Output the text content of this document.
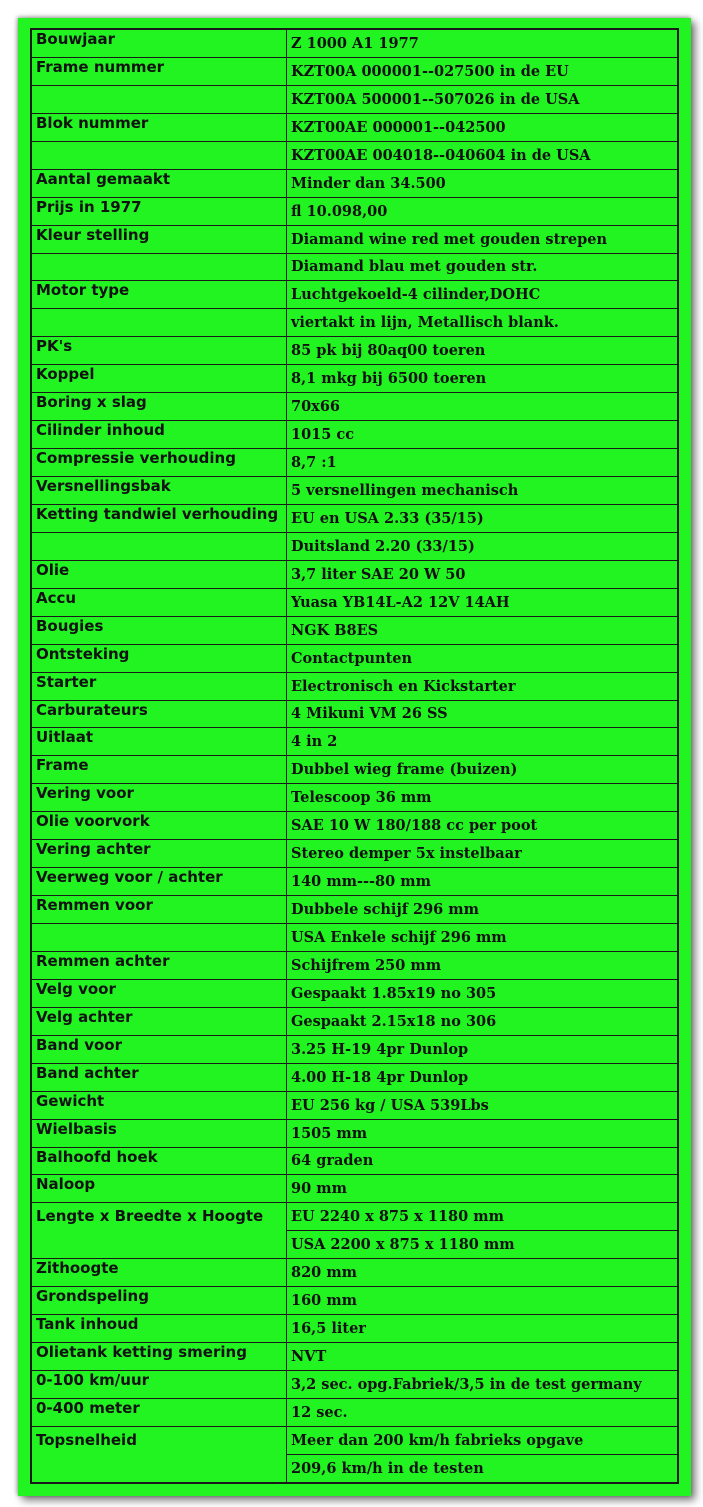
Bouwjaar	Z 1000 A1 1977
Frame nummer	KZT00A 000001--027500 in de EU
	KZT00A 500001--507026 in de USA
Blok nummer	KZT00AE 000001--042500
	KZT00AE 004018--040604 in de USA
Aantal gemaakt	Minder dan 34.500
Prijs in 1977	fl 10.098,00
Kleur stelling	Diamand wine red met gouden strepen
	Diamand blau met gouden str.
Motor type	Luchtgekoeld-4 cilinder,DOHC
	viertakt in lijn, Metallisch blank.
PK's	85 pk bij 80aq00 toeren
Koppel	8,1 mkg bij 6500 toeren
Boring x slag	70x66
Cilinder inhoud	1015 cc
Compressie verhouding	8,7 :1
Versnellingsbak	5 versnellingen mechanisch
Ketting tandwiel verhouding	EU en USA 2.33 (35/15)
	Duitsland 2.20 (33/15)
Olie	3,7 liter SAE 20 W 50
Accu	Yuasa YB14L-A2 12V 14AH
Bougies	NGK B8ES
Ontsteking	Contactpunten
Starter	Electronisch en Kickstarter
Carburateurs	4 Mikuni VM 26 SS
Uitlaat	4 in 2
Frame	Dubbel wieg frame (buizen)
Vering voor	Telescoop 36 mm
Olie voorvork	SAE 10 W 180/188 cc per poot
Vering achter	Stereo demper 5x instelbaar
Veerweg voor / achter	140 mm---80 mm
Remmen voor	Dubbele schijf 296 mm
	USA Enkele schijf 296 mm
Remmen achter	Schijfrem 250 mm
Velg voor	Gespaakt 1.85x19 no 305
Velg achter	Gespaakt 2.15x18 no 306
Band voor	3.25 H-19 4pr Dunlop
Band achter	4.00 H-18 4pr Dunlop
Gewicht	EU 256 kg / USA 539Lbs
Wielbasis	1505 mm
Balhoofd hoek	64 graden
Naloop	90 mm
Lengte x Breedte x Hoogte	EU 2240 x 875 x 1180 mm
	USA 2200 x 875 x 1180 mm
Zithoogte	820 mm
Grondspeling	160 mm
Tank inhoud	16,5 liter
Olietank ketting smering	NVT
0-100 km/uur	3,2 sec. opg.Fabriek/3,5 in de test germany
0-400 meter	12 sec.
Topsnelheid	Meer dan 200 km/h fabrieks opgave
	209,6 km/h in de testen
